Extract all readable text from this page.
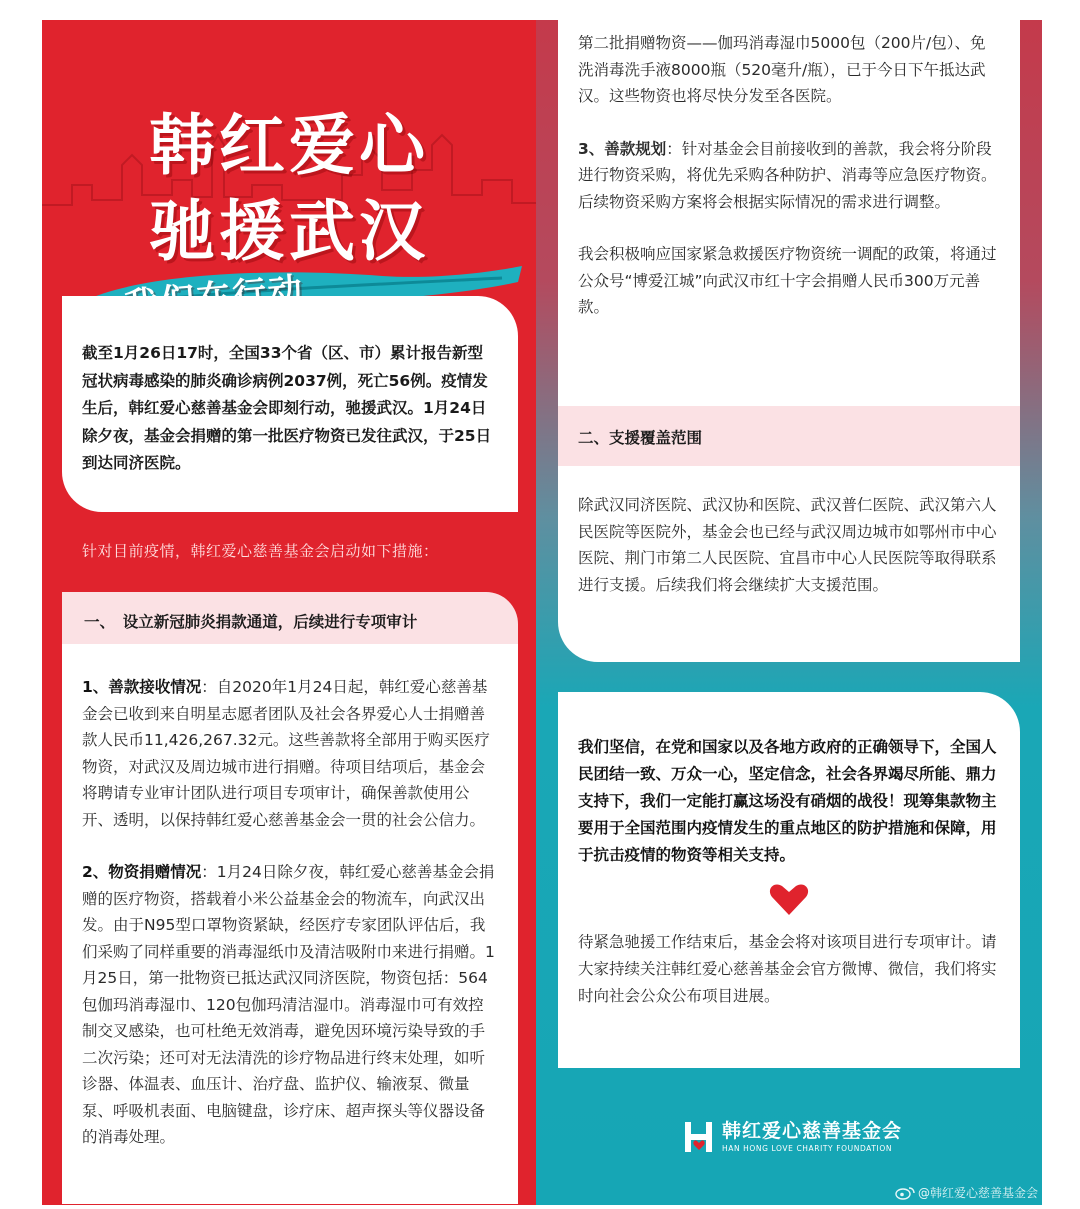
韩红爱心
驰援武汉
截至1月26日17时，全国33个省（区、市）累计报告新型冠状病毒感染的肺炎确诊病例2037例，死亡56例。疫情发生后，韩红爱心慈善基金会即刻行动，驰援武汉。1月24日除夕夜，基金会捐赠的第一批医疗物资已发往武汉，于25日到达同济医院。
针对目前疫情，韩红爱心慈善基金会启动如下措施：
一、　设立新冠肺炎捐款通道，后续进行专项审计

1、善款接收情况：自2020年1月24日起，韩红爱心慈善基金会已收到来自明星志愿者团队及社会各界爱心人士捐赠善款人民币11,426,267.32元。这些善款将全部用于购买医疗物资，对武汉及周边城市进行捐赠。待项目结项后，基金会将聘请专业审计团队进行项目专项审计，确保善款使用公开、透明，以保持韩红爱心慈善基金会一贯的社会公信力。

2、物资捐赠情况：1月24日除夕夜，韩红爱心慈善基金会捐赠的医疗物资，搭载着小米公益基金会的物流车，向武汉出发。由于N95型口罩物资紧缺，经医疗专家团队评估后，我们采购了同样重要的消毒湿纸巾及清洁吸附巾来进行捐赠。1月25日，第一批物资已抵达武汉同济医院，物资包括：564包伽玛消毒湿巾、120包伽玛清洁湿巾。消毒湿巾可有效控制交叉感染，也可杜绝无效消毒，避免因环境污染导致的手二次污染；还可对无法清洗的诊疗物品进行终末处理，如听诊器、体温表、血压计、治疗盘、监护仪、输液泵、微量泵、呼吸机表面、电脑键盘，诊疗床、超声探头等仪器设备的消毒处理。

第二批捐赠物资——伽玛消毒湿巾5000包（200片/包）、免洗消毒洗手液8000瓶（520毫升/瓶），已于今日下午抵达武汉。这些物资也将尽快分发至各医院。

3、善款规划：针对基金会目前接收到的善款，我会将分阶段进行物资采购，将优先采购各种防护、消毒等应急医疗物资。后续物资采购方案将会根据实际情况的需求进行调整。

我会积极响应国家紧急救援医疗物资统一调配的政策，将通过公众号“博爱江城”向武汉市红十字会捐赠人民币300万元善款。

二、支援覆盖范围
除武汉同济医院、武汉协和医院、武汉普仁医院、武汉第六人民医院等医院外，基金会也已经与武汉周边城市如鄂州市中心医院、荆门市第二人民医院、宜昌市中心人民医院等取得联系进行支援。后续我们将会继续扩大支援范围。

我们坚信，在党和国家以及各地方政府的正确领导下，全国人民团结一致、万众一心，坚定信念，社会各界竭尽所能、鼎力支持下，我们一定能打赢这场没有硝烟的战役！现筹集款物主要用于全国范围内疫情发生的重点地区的防护措施和保障，用于抗击疫情的物资等相关支持。

待紧急驰援工作结束后，基金会将对该项目进行专项审计。请大家持续关注韩红爱心慈善基金会官方微博、微信，我们将实时向社会公众公布项目进展。

韩红爱心慈善基金会
HAN HONG LOVE CHARITY FOUNDATION
@韩红爱心慈善基金会
